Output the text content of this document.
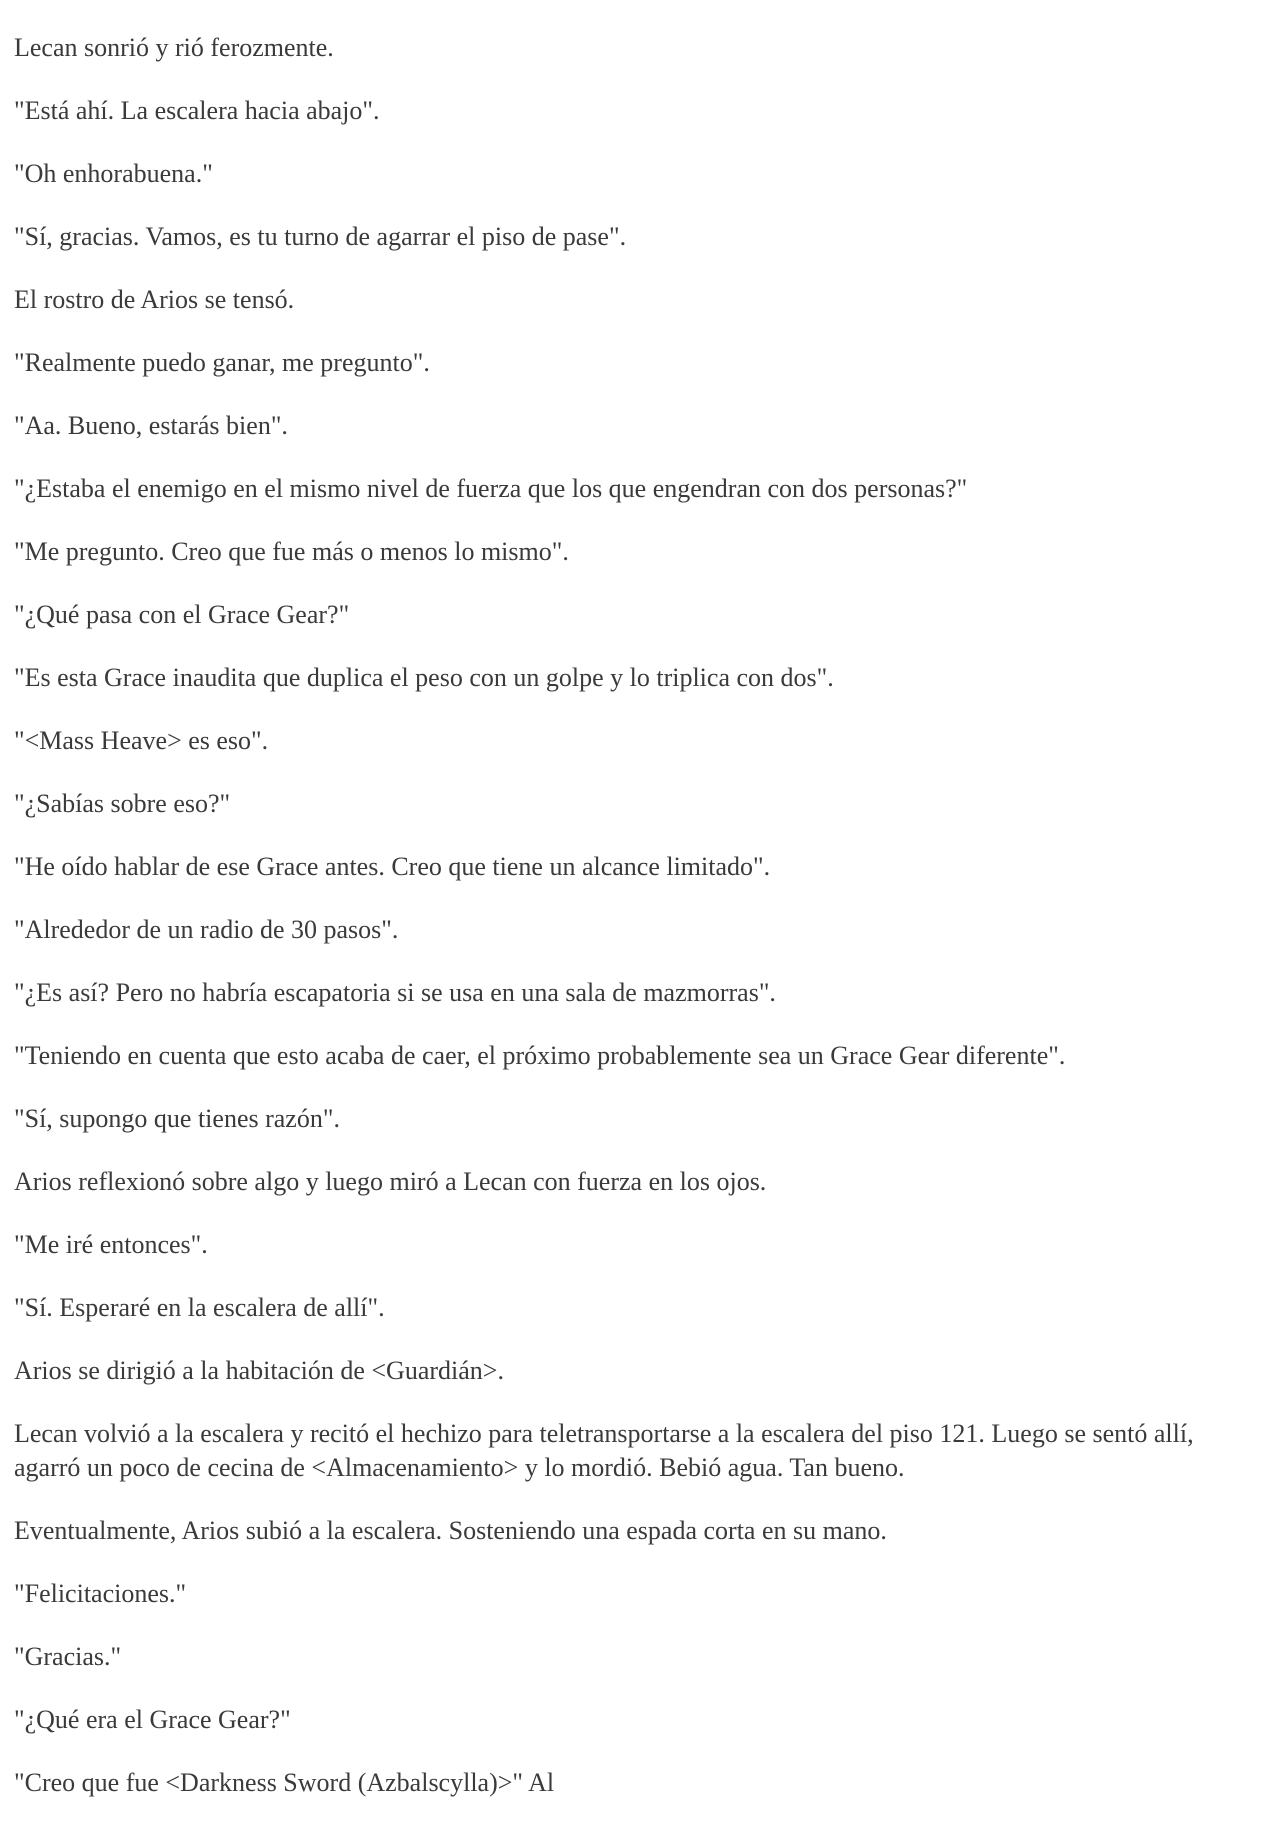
Lecan sonrió y rió ferozmente.

"Está ahí. La escalera hacia abajo".

"Oh enhorabuena."

"Sí, gracias. Vamos, es tu turno de agarrar el piso de pase".

El rostro de Arios se tensó.

"Realmente puedo ganar, me pregunto".

"Aa. Bueno, estarás bien".

"¿Estaba el enemigo en el mismo nivel de fuerza que los que engendran con dos personas?"

"Me pregunto. Creo que fue más o menos lo mismo".

"¿Qué pasa con el Grace Gear?"

"Es esta Grace inaudita que duplica el peso con un golpe y lo triplica con dos".

"<Mass Heave> es eso".

"¿Sabías sobre eso?"

"He oído hablar de ese Grace antes. Creo que tiene un alcance limitado".

"Alrededor de un radio de 30 pasos".

"¿Es así? Pero no habría escapatoria si se usa en una sala de mazmorras".

"Teniendo en cuenta que esto acaba de caer, el próximo probablemente sea un Grace Gear diferente".

"Sí, supongo que tienes razón".

Arios reflexionó sobre algo y luego miró a Lecan con fuerza en los ojos.

"Me iré entonces".

"Sí. Esperaré en la escalera de allí".

Arios se dirigió a la habitación de <Guardián>.

Lecan volvió a la escalera y recitó el hechizo para teletransportarse a la escalera del piso 121. Luego se sentó allí, agarró un poco de cecina de <Almacenamiento> y lo mordió. Bebió agua. Tan bueno.

Eventualmente, Arios subió a la escalera. Sosteniendo una espada corta en su mano.

"Felicitaciones."

"Gracias."

"¿Qué era el Grace Gear?"

"Creo que fue <Darkness Sword (Azbalscylla)>" Al
